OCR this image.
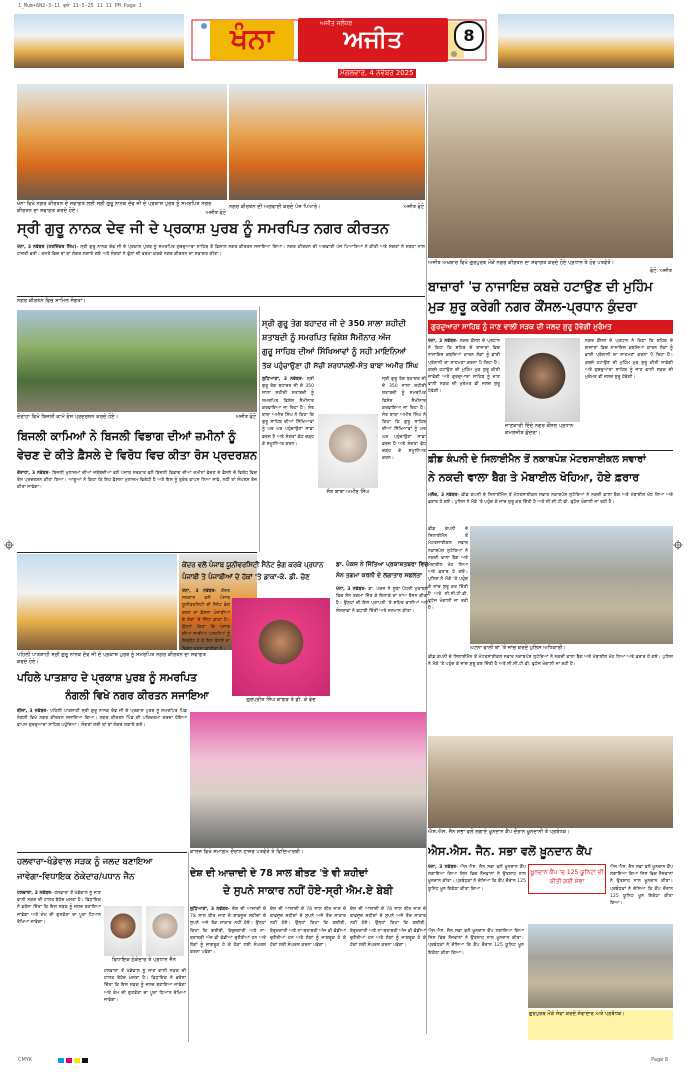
1_Mum+6N2-3-11 ਵਜੇ 11-5-25 11 11 PM Page 1
ਖੰਨਾ	ਅਜੀਤ ਜਲੰਧਰ
ਅਜੀਤ
ਮੰਗਲਵਾਰ, 4 ਨਵੰਬਰ 2025
8
ਖੰਨਾ ਵਿਖੇ ਨਗਰ ਕੀਰਤਨ ਦੇ ਸਵਾਗਤ ਲਈ ਸ੍ਰੀ ਗੁਰੂ ਨਾਨਕ ਦੇਵ ਜੀ ਦੇ ਪ੍ਰਕਾਸ਼ ਪੁਰਬ ਨੂੰ ਸਮਰਪਿਤ ਨਗਰ ਕੀਰਤਨ ਦਾ ਸਵਾਗਤ ਕਰਦੇ ਹੋਏ।	ਅਜੀਤ ਫੋਟੋ
ਨਗਰ ਕੀਰਤਨ ਦੀ ਅਗਵਾਈ ਕਰਦੇ ਪੰਜ ਪਿਆਰੇ।	ਅਜੀਤ ਫੋਟੋ
ਸ੍ਰੀ ਗੁਰੂ ਨਾਨਕ ਦੇਵ ਜੀ ਦੇ ਪ੍ਰਕਾਸ਼ ਪੁਰਬ ਨੂੰ ਸਮਰਪਿਤ ਨਗਰ ਕੀਰਤਨ
ਖੰਨਾ, 3 ਨਵੰਬਰ (ਹਰਜਿੰਦਰ ਸਿੰਘ)- ਸ੍ਰੀ ਗੁਰੂ ਨਾਨਕ ਦੇਵ ਜੀ ਦੇ ਪ੍ਰਕਾਸ਼ ਪੁਰਬ ਨੂੰ ਸਮਰਪਿਤ ਗੁਰਦੁਆਰਾ ਸਾਹਿਬ ਤੋਂ ਵਿਸ਼ਾਲ ਨਗਰ ਕੀਰਤਨ ਸਜਾਇਆ ਗਿਆ। ਨਗਰ ਕੀਰਤਨ ਦੀ ਅਗਵਾਈ ਪੰਜ ਪਿਆਰਿਆਂ ਨੇ ਕੀਤੀ ਅਤੇ ਸੰਗਤਾਂ ਨੇ ਸ਼ਰਧਾ ਨਾਲ ਹਾਜ਼ਰੀ ਭਰੀ। ਰਸਤੇ ਵਿਚ ਥਾਂ ਥਾਂ ਲੰਗਰ ਲਗਾਏ ਗਏ ਅਤੇ ਸੰਗਤਾਂ ਨੇ ਫੁੱਲਾਂ ਦੀ ਵਰਖਾ ਕਰਕੇ ਨਗਰ ਕੀਰਤਨ ਦਾ ਸਵਾਗਤ ਕੀਤਾ।
ਨਗਰ ਕੀਰਤਨ ਵਿਚ ਸ਼ਾਮਿਲ ਸੰਗਤਾਂ।
ਅਜੀਤ ਅਖ਼ਬਾਰ ਵਿਖੇ ਗੁਰਪੁਰਬ ਮੌਕੇ ਨਗਰ ਕੀਰਤਨ ਦਾ ਸਵਾਗਤ ਕਰਦੇ ਹੋਏ ਪ੍ਰਧਾਨ ਤੇ ਹੋਰ ਪਤਵੰਤੇ।
ਫੋਟੋ: ਅਜੀਤ
ਬਾਜ਼ਾਰਾਂ 'ਚ ਨਾਜਾਇਜ਼ ਕਬਜ਼ੇ ਹਟਾਉਣ ਦੀ ਮੁਹਿੰਮ
ਮੁੜ ਸ਼ੁਰੂ ਕਰੇਗੀ ਨਗਰ ਕੌਂਸਲ-ਪ੍ਰਧਾਨ ਕੁੰਦਰਾ
ਗੁਰਦੁਆਰਾ ਸਾਹਿਬ ਨੂੰ ਜਾਣ ਵਾਲੀ ਸੜਕ ਦੀ ਜਲਦ ਸ਼ੁਰੂ ਹੋਵੇਗੀ ਮੁਰੰਮਤ
ਖੰਨਾ, 3 ਨਵੰਬਰ- ਨਗਰ ਕੌਂਸਲ ਦੇ ਪ੍ਰਧਾਨ ਨੇ ਕਿਹਾ ਕਿ ਸ਼ਹਿਰ ਦੇ ਬਾਜ਼ਾਰਾਂ ਵਿਚ ਨਾਜਾਇਜ਼ ਕਬਜ਼ਿਆਂ ਕਾਰਨ ਲੋਕਾਂ ਨੂੰ ਭਾਰੀ ਪ੍ਰੇਸ਼ਾਨੀ ਦਾ ਸਾਹਮਣਾ ਕਰਨਾ ਪੈ ਰਿਹਾ ਹੈ। ਕਬਜ਼ੇ ਹਟਾਉਣ ਦੀ ਮੁਹਿੰਮ ਮੁੜ ਸ਼ੁਰੂ ਕੀਤੀ ਜਾਵੇਗੀ ਅਤੇ ਗੁਰਦੁਆਰਾ ਸਾਹਿਬ ਨੂੰ ਜਾਣ ਵਾਲੀ ਸੜਕ ਦੀ ਮੁਰੰਮਤ ਵੀ ਜਲਦ ਸ਼ੁਰੂ ਹੋਵੇਗੀ।
ਜਾਣਕਾਰੀ ਦਿੰਦੇ ਨਗਰ ਕੌਂਸਲ ਪ੍ਰਧਾਨ ਕਮਲਜੀਤ ਕੁੰਦਰਾ।
ਨਗਰ ਕੌਂਸਲ ਦੇ ਪ੍ਰਧਾਨ ਨੇ ਕਿਹਾ ਕਿ ਸ਼ਹਿਰ ਦੇ ਬਾਜ਼ਾਰਾਂ ਵਿਚ ਨਾਜਾਇਜ਼ ਕਬਜ਼ਿਆਂ ਕਾਰਨ ਲੋਕਾਂ ਨੂੰ ਭਾਰੀ ਪ੍ਰੇਸ਼ਾਨੀ ਦਾ ਸਾਹਮਣਾ ਕਰਨਾ ਪੈ ਰਿਹਾ ਹੈ। ਕਬਜ਼ੇ ਹਟਾਉਣ ਦੀ ਮੁਹਿੰਮ ਮੁੜ ਸ਼ੁਰੂ ਕੀਤੀ ਜਾਵੇਗੀ ਅਤੇ ਗੁਰਦੁਆਰਾ ਸਾਹਿਬ ਨੂੰ ਜਾਣ ਵਾਲੀ ਸੜਕ ਦੀ ਮੁਰੰਮਤ ਵੀ ਜਲਦ ਸ਼ੁਰੂ ਹੋਵੇਗੀ।
ਦੋਰਾਹਾ ਵਿਖੇ ਬਿਜਲੀ ਕਾਮੇ ਰੋਸ ਪ੍ਰਦਰਸ਼ਨ ਕਰਦੇ ਹੋਏ।	ਅਜੀਤ ਫੋਟੋ
ਬਿਜਲੀ ਕਾਮਿਆਂ ਨੇ ਬਿਜਲੀ ਵਿਭਾਗ ਦੀਆਂ ਜ਼ਮੀਨਾਂ ਨੂੰ
ਵੇਚਣ ਦੇ ਕੀਤੇ ਫ਼ੈਸਲੇ ਦੇ ਵਿਰੋਧ ਵਿਚ ਕੀਤਾ ਰੋਸ ਪ੍ਰਦਰਸ਼ਨ
ਦੋਰਾਹਾ, 3 ਨਵੰਬਰ- ਬਿਜਲੀ ਮੁਲਾਜ਼ਮਾਂ ਦੀਆਂ ਜਥੇਬੰਦੀਆਂ ਵਲੋਂ ਪੰਜਾਬ ਸਰਕਾਰ ਵਲੋਂ ਬਿਜਲੀ ਵਿਭਾਗ ਦੀਆਂ ਜ਼ਮੀਨਾਂ ਵੇਚਣ ਦੇ ਫ਼ੈਸਲੇ ਦੇ ਵਿਰੋਧ ਵਿਚ ਰੋਸ ਪ੍ਰਦਰਸ਼ਨ ਕੀਤਾ ਗਿਆ। ਆਗੂਆਂ ਨੇ ਕਿਹਾ ਕਿ ਇਹ ਫ਼ੈਸਲਾ ਮੁਲਾਜ਼ਮ ਵਿਰੋਧੀ ਹੈ ਅਤੇ ਇਸ ਨੂੰ ਤੁਰੰਤ ਵਾਪਸ ਲਿਆ ਜਾਵੇ, ਨਹੀਂ ਤਾਂ ਸੰਘਰਸ਼ ਤੇਜ਼ ਕੀਤਾ ਜਾਵੇਗਾ।
ਸ੍ਰੀ ਗੁਰੂ ਤੇਗ ਬਹਾਦਰ ਜੀ ਦੇ 350 ਸਾਲਾ ਸ਼ਹੀਦੀ
ਸ਼ਤਾਬਦੀ ਨੂੰ ਸਮਰਪਿਤ ਵਿਸ਼ੇਸ਼ ਸੈਮੀਨਾਰ ਅੱਜ
ਗੁਰੂ ਸਾਹਿਬ ਦੀਆਂ ਸਿੱਖਿਆਵਾਂ ਨੂੰ ਸਹੀ ਮਾਇਨਿਆਂ
ਤੱਕ ਪਹੁੰਚਾਉਣਾ ਹੀ ਸੱਚੀ ਸ਼ਰਧਾਂਜਲੀ-ਸੰਤ ਬਾਬਾ ਅਮੀਰ ਸਿੰਘ
ਸੰਤ ਬਾਬਾ ਅਮੀਰ ਸਿੰਘ
ਲੁਧਿਆਣਾ, 3 ਨਵੰਬਰ- ਸ੍ਰੀ ਗੁਰੂ ਤੇਗ ਬਹਾਦਰ ਜੀ ਦੇ 350 ਸਾਲਾ ਸ਼ਹੀਦੀ ਸ਼ਤਾਬਦੀ ਨੂੰ ਸਮਰਪਿਤ ਵਿਸ਼ੇਸ਼ ਸੈਮੀਨਾਰ ਕਰਵਾਇਆ ਜਾ ਰਿਹਾ ਹੈ। ਸੰਤ ਬਾਬਾ ਅਮੀਰ ਸਿੰਘ ਨੇ ਕਿਹਾ ਕਿ ਗੁਰੂ ਸਾਹਿਬ ਦੀਆਂ ਸਿੱਖਿਆਵਾਂ ਨੂੰ ਘਰ ਘਰ ਪਹੁੰਚਾਉਣਾ ਸਾਡਾ ਫ਼ਰਜ਼ ਹੈ ਅਤੇ ਸੰਗਤਾਂ ਵੱਧ ਚੜ੍ਹ ਕੇ ਸ਼ਮੂਲੀਅਤ ਕਰਨ।
ਸ੍ਰੀ ਗੁਰੂ ਤੇਗ ਬਹਾਦਰ ਜੀ ਦੇ 350 ਸਾਲਾ ਸ਼ਹੀਦੀ ਸ਼ਤਾਬਦੀ ਨੂੰ ਸਮਰਪਿਤ ਵਿਸ਼ੇਸ਼ ਸੈਮੀਨਾਰ ਕਰਵਾਇਆ ਜਾ ਰਿਹਾ ਹੈ। ਸੰਤ ਬਾਬਾ ਅਮੀਰ ਸਿੰਘ ਨੇ ਕਿਹਾ ਕਿ ਗੁਰੂ ਸਾਹਿਬ ਦੀਆਂ ਸਿੱਖਿਆਵਾਂ ਨੂੰ ਘਰ ਘਰ ਪਹੁੰਚਾਉਣਾ ਸਾਡਾ ਫ਼ਰਜ਼ ਹੈ ਅਤੇ ਸੰਗਤਾਂ ਵੱਧ ਚੜ੍ਹ ਕੇ ਸ਼ਮੂਲੀਅਤ ਕਰਨ।	ਫ਼ੀਡ ਕੰਪਨੀ ਦੇ ਸਿਲਾਈਮੈਨ ਤੋਂ ਨਕਾਬਪੋਸ਼ ਮੋਟਰਸਾਈਕਲ ਸਵਾਰਾਂ
ਨੇ ਨਕਦੀ ਵਾਲਾ ਬੈਗ ਤੇ ਮੋਬਾਈਲ ਖੋਹਿਆ, ਹੋਏ ਫ਼ਰਾਰ
ਮਲੌਦ, 3 ਨਵੰਬਰ- ਫ਼ੀਡ ਕੰਪਨੀ ਦੇ ਸਿਲਾਈਮੈਨ ਤੋਂ ਮੋਟਰਸਾਈਕਲ ਸਵਾਰ ਨਕਾਬਪੋਸ਼ ਲੁਟੇਰਿਆਂ ਨੇ ਨਕਦੀ ਵਾਲਾ ਬੈਗ ਅਤੇ ਮੋਬਾਈਲ ਖੋਹ ਲਿਆ ਅਤੇ ਫ਼ਰਾਰ ਹੋ ਗਏ। ਪੁਲਿਸ ਨੇ ਮੌਕੇ 'ਤੇ ਪਹੁੰਚ ਕੇ ਜਾਂਚ ਸ਼ੁਰੂ ਕਰ ਦਿੱਤੀ ਹੈ ਅਤੇ ਸੀ.ਸੀ.ਟੀ.ਵੀ. ਫੁਟੇਜ ਖੰਗਾਲੀ ਜਾ ਰਹੀ ਹੈ।
ਫ਼ੀਡ ਕੰਪਨੀ ਦੇ ਸਿਲਾਈਮੈਨ ਤੋਂ ਮੋਟਰਸਾਈਕਲ ਸਵਾਰ ਨਕਾਬਪੋਸ਼ ਲੁਟੇਰਿਆਂ ਨੇ ਨਕਦੀ ਵਾਲਾ ਬੈਗ ਅਤੇ ਮੋਬਾਈਲ ਖੋਹ ਲਿਆ ਅਤੇ ਫ਼ਰਾਰ ਹੋ ਗਏ। ਪੁਲਿਸ ਨੇ ਮੌਕੇ 'ਤੇ ਪਹੁੰਚ ਕੇ ਜਾਂਚ ਸ਼ੁਰੂ ਕਰ ਦਿੱਤੀ ਹੈ ਅਤੇ ਸੀ.ਸੀ.ਟੀ.ਵੀ. ਫੁਟੇਜ ਖੰਗਾਲੀ ਜਾ ਰਹੀ ਹੈ।
ਘਟਨਾ ਵਾਲੀ ਥਾਂ 'ਤੇ ਜਾਂਚ ਕਰਦੇ ਪੁਲਿਸ ਅਧਿਕਾਰੀ।
ਫ਼ੀਡ ਕੰਪਨੀ ਦੇ ਸਿਲਾਈਮੈਨ ਤੋਂ ਮੋਟਰਸਾਈਕਲ ਸਵਾਰ ਨਕਾਬਪੋਸ਼ ਲੁਟੇਰਿਆਂ ਨੇ ਨਕਦੀ ਵਾਲਾ ਬੈਗ ਅਤੇ ਮੋਬਾਈਲ ਖੋਹ ਲਿਆ ਅਤੇ ਫ਼ਰਾਰ ਹੋ ਗਏ। ਪੁਲਿਸ ਨੇ ਮੌਕੇ 'ਤੇ ਪਹੁੰਚ ਕੇ ਜਾਂਚ ਸ਼ੁਰੂ ਕਰ ਦਿੱਤੀ ਹੈ ਅਤੇ ਸੀ.ਸੀ.ਟੀ.ਵੀ. ਫੁਟੇਜ ਖੰਗਾਲੀ ਜਾ ਰਹੀ ਹੈ।
ਪਹਿਲੀ ਪਾਤਸ਼ਾਹੀ ਸ੍ਰੀ ਗੁਰੂ ਨਾਨਕ ਦੇਵ ਜੀ ਦੇ ਪ੍ਰਕਾਸ਼ ਪੁਰਬ ਨੂੰ ਸਮਰਪਿਤ ਨਗਰ ਕੀਰਤਨ ਦਾ ਸਵਾਗਤ ਕਰਦੇ ਹੋਏ।
ਪਹਿਲੇ ਪਾਤਸ਼ਾਹ ਦੇ ਪ੍ਰਕਾਸ਼ ਪੁਰਬ ਨੂੰ ਸਮਰਪਿਤ
ਨੰਗਲੀ ਵਿਖੇ ਨਗਰ ਕੀਰਤਨ ਸਜਾਇਆ
ਬੀਜਾ, 3 ਨਵੰਬਰ- ਪਹਿਲੀ ਪਾਤਸ਼ਾਹੀ ਸ੍ਰੀ ਗੁਰੂ ਨਾਨਕ ਦੇਵ ਜੀ ਦੇ ਪ੍ਰਕਾਸ਼ ਪੁਰਬ ਨੂੰ ਸਮਰਪਿਤ ਪਿੰਡ ਨੰਗਲੀ ਵਿਖੇ ਨਗਰ ਕੀਰਤਨ ਸਜਾਇਆ ਗਿਆ। ਨਗਰ ਕੀਰਤਨ ਪਿੰਡ ਦੀ ਪਰਿਕਰਮਾ ਕਰਦਾ ਹੋਇਆ ਵਾਪਸ ਗੁਰਦੁਆਰਾ ਸਾਹਿਬ ਪਹੁੰਚਿਆ। ਸੰਗਤਾਂ ਲਈ ਥਾਂ ਥਾਂ ਲੰਗਰ ਲਗਾਏ ਗਏ।
ਕੇਂਦਰ ਵਲੋਂ ਪੰਜਾਬ ਯੂਨੀਵਰਸਿਟੀ ਸੈਨੇਟ ਭੰਗ ਕਰਕੇ ਪ੍ਰਧਾਨ
ਪੰਜਾਬੀ ਤੇ ਪੰਜਾਬੀਆਂ ਦੇ ਹੱਕਾਂ 'ਤੇ ਡਾਕਾ-ਕੇ. ਡੀ. ਚੋਣ
ਖੰਨਾ, 3 ਨਵੰਬਰ- ਕੇਂਦਰ ਸਰਕਾਰ ਵਲੋਂ ਪੰਜਾਬ ਯੂਨੀਵਰਸਿਟੀ ਦੀ ਸੈਨੇਟ ਭੰਗ ਕਰਨ ਦਾ ਫ਼ੈਸਲਾ ਪੰਜਾਬੀਆਂ ਦੇ ਹੱਕਾਂ 'ਤੇ ਸਿੱਧਾ ਡਾਕਾ ਹੈ। ਉਨ੍ਹਾਂ ਕਿਹਾ ਕਿ ਪੰਜਾਬ ਦੀਆਂ ਸਾਰੀਆਂ ਪਾਰਟੀਆਂ ਨੂੰ ਇਕਜੁੱਟ ਹੋ ਕੇ ਇਸ ਫ਼ੈਸਲੇ ਦਾ ਵਿਰੋਧ ਕਰਨਾ ਚਾਹੀਦਾ ਹੈ।
ਗੁਰਪ੍ਰੀਤ ਸਿੰਘ ਕਾਂਗੜ ਤੇ ਡੀ. ਕੇ ਵੇਦ
ਡਾ. ਪੰਕਜ ਨੇ ਜਿੱਤਿਆ ਪ੍ਰਕਾਸ਼ਤਬਰਾ ਵਿਚ
ਸੋਨ ਤਗਮਾ ਕਰਨੀ ਦੇ ਲਗਾਤਾਰ ਸਫਲਤਾ
ਖੰਨਾ, 3 ਨਵੰਬਰ- ਡਾ. ਪੰਕਜ ਨੇ ਸੂਬਾ ਪੱਧਰੀ ਮੁਕਾਬਲੇ ਵਿਚ ਸੋਨ ਤਗਮਾ ਜਿੱਤ ਕੇ ਇਲਾਕੇ ਦਾ ਨਾਂਅ ਰੌਸ਼ਨ ਕੀਤਾ ਹੈ। ਉਨ੍ਹਾਂ ਦੀ ਇਸ ਪ੍ਰਾਪਤੀ 'ਤੇ ਸ਼ਹਿਰ ਵਾਸੀਆਂ ਅਤੇ ਸੰਸਥਾਵਾਂ ਨੇ ਵਧਾਈ ਦਿੱਤੀ ਅਤੇ ਸਨਮਾਨ ਕੀਤਾ।
ਕਾਲਜ ਵਿਖੇ ਸਮਾਗਮ ਦੌਰਾਨ ਹਾਜ਼ਰ ਪਤਵੰਤੇ ਤੇ ਵਿਦਿਆਰਥੀ।
ਐਸ.ਐਸ. ਜੈਨ ਸਭਾ ਵਲੋਂ ਲਗਾਏ ਖ਼ੂਨਦਾਨ ਕੈਂਪ ਦੌਰਾਨ ਖ਼ੂਨਦਾਨੀ ਤੇ ਪ੍ਰਬੰਧਕ।
ਐਸ.ਐਸ. ਜੈਨ. ਸਭਾ ਵਲੋਂ ਖ਼ੂਨਦਾਨ ਕੈਂਪ
ਖੰਨਾ, 3 ਨਵੰਬਰ- ਐਸ.ਐਸ. ਜੈਨ ਸਭਾ ਵਲੋਂ ਖ਼ੂਨਦਾਨ ਕੈਂਪ ਲਗਾਇਆ ਗਿਆ ਜਿਸ ਵਿਚ ਨੌਜਵਾਨਾਂ ਨੇ ਉਤਸ਼ਾਹ ਨਾਲ ਖ਼ੂਨਦਾਨ ਕੀਤਾ। ਪ੍ਰਬੰਧਕਾਂ ਨੇ ਦੱਸਿਆ ਕਿ ਕੈਂਪ ਦੌਰਾਨ 125 ਯੂਨਿਟ ਖ਼ੂਨ ਇਕੱਠਾ ਕੀਤਾ ਗਿਆ।
ਖ਼ੂਨਦਾਨ ਕੈਂਪ 'ਚ 125 ਯੂਨਿਟਾਂ ਦੀ ਕੀਤੀ ਗਈ ਸੇਵਾ
ਐਸ.ਐਸ. ਜੈਨ ਸਭਾ ਵਲੋਂ ਖ਼ੂਨਦਾਨ ਕੈਂਪ ਲਗਾਇਆ ਗਿਆ ਜਿਸ ਵਿਚ ਨੌਜਵਾਨਾਂ ਨੇ ਉਤਸ਼ਾਹ ਨਾਲ ਖ਼ੂਨਦਾਨ ਕੀਤਾ। ਪ੍ਰਬੰਧਕਾਂ ਨੇ ਦੱਸਿਆ ਕਿ ਕੈਂਪ ਦੌਰਾਨ 125 ਯੂਨਿਟ ਖ਼ੂਨ ਇਕੱਠਾ ਕੀਤਾ ਗਿਆ।
ਗੁਰਪੁਰਬ ਮੌਕੇ ਸੇਵਾ ਕਰਦੇ ਸੇਵਾਦਾਰ ਅਤੇ ਪ੍ਰਬੰਧਕ।
ਐਸ.ਐਸ. ਜੈਨ ਸਭਾ ਵਲੋਂ ਖ਼ੂਨਦਾਨ ਕੈਂਪ ਲਗਾਇਆ ਗਿਆ ਜਿਸ ਵਿਚ ਨੌਜਵਾਨਾਂ ਨੇ ਉਤਸ਼ਾਹ ਨਾਲ ਖ਼ੂਨਦਾਨ ਕੀਤਾ। ਪ੍ਰਬੰਧਕਾਂ ਨੇ ਦੱਸਿਆ ਕਿ ਕੈਂਪ ਦੌਰਾਨ 125 ਯੂਨਿਟ ਖ਼ੂਨ ਇਕੱਠਾ ਕੀਤਾ ਗਿਆ।
ਹਲਵਾਰਾ-ਖੰਡੇਵਾਲ ਸੜਕ ਨੂੰ ਜਲਦ ਬਣਾਇਆ
ਜਾਵੇਗਾ-ਵਿਧਾਇਕ ਠੇਕੇਦਾਰ/ਪਧਾਨ ਜੈਨ
ਹਲਵਾਰਾ, 3 ਨਵੰਬਰ- ਹਲਵਾਰਾ ਤੋਂ ਖੰਡੇਵਾਲ ਨੂੰ ਜਾਣ ਵਾਲੀ ਸੜਕ ਦੀ ਹਾਲਤ ਬੇਹੱਦ ਖ਼ਸਤਾ ਹੈ। ਵਿਧਾਇਕ ਨੇ ਭਰੋਸਾ ਦਿੱਤਾ ਕਿ ਇਸ ਸੜਕ ਨੂੰ ਜਲਦ ਬਣਾਇਆ ਜਾਵੇਗਾ ਅਤੇ ਕੰਮ ਦੀ ਗੁਣਵੱਤਾ ਦਾ ਪੂਰਾ ਧਿਆਨ ਰੱਖਿਆ ਜਾਵੇਗਾ।
ਵਿਧਾਇਕ ਠੇਕੇਦਾਰ ਤੇ ਪ੍ਰਧਾਨ ਜੈਨ
ਹਲਵਾਰਾ ਤੋਂ ਖੰਡੇਵਾਲ ਨੂੰ ਜਾਣ ਵਾਲੀ ਸੜਕ ਦੀ ਹਾਲਤ ਬੇਹੱਦ ਖ਼ਸਤਾ ਹੈ। ਵਿਧਾਇਕ ਨੇ ਭਰੋਸਾ ਦਿੱਤਾ ਕਿ ਇਸ ਸੜਕ ਨੂੰ ਜਲਦ ਬਣਾਇਆ ਜਾਵੇਗਾ ਅਤੇ ਕੰਮ ਦੀ ਗੁਣਵੱਤਾ ਦਾ ਪੂਰਾ ਧਿਆਨ ਰੱਖਿਆ ਜਾਵੇਗਾ।
ਦੇਸ਼ ਦੀ ਆਜ਼ਾਦੀ ਦੇ 78 ਸਾਲ ਬੀਤਣ 'ਤੇ ਵੀ ਸ਼ਹੀਦਾਂ
ਦੇ ਸੁਪਨੇ ਸਾਕਾਰ ਨਹੀਂ ਹੋਏ-ਸ੍ਰੀ ਐਮ.ਏ ਬੇਬੀ
ਲੁਧਿਆਣਾ, 3 ਨਵੰਬਰ- ਦੇਸ਼ ਦੀ ਆਜ਼ਾਦੀ ਦੇ 78 ਸਾਲ ਬੀਤ ਜਾਣ ਦੇ ਬਾਵਜੂਦ ਸ਼ਹੀਦਾਂ ਦੇ ਸੁਪਨੇ ਅਜੇ ਤੱਕ ਸਾਕਾਰ ਨਹੀਂ ਹੋਏ। ਉਨ੍ਹਾਂ ਕਿਹਾ ਕਿ ਗ਼ਰੀਬੀ, ਬੇਰੁਜ਼ਗਾਰੀ ਅਤੇ ਨਾ-ਬਰਾਬਰੀ ਅੱਜ ਵੀ ਵੱਡੀਆਂ ਚੁਣੌਤੀਆਂ ਹਨ ਅਤੇ ਲੋਕਾਂ ਨੂੰ ਜਾਗਰੂਕ ਹੋ ਕੇ ਹੱਕਾਂ ਲਈ ਸੰਘਰਸ਼ ਕਰਨਾ ਪਵੇਗਾ।
ਦੇਸ਼ ਦੀ ਆਜ਼ਾਦੀ ਦੇ 78 ਸਾਲ ਬੀਤ ਜਾਣ ਦੇ ਬਾਵਜੂਦ ਸ਼ਹੀਦਾਂ ਦੇ ਸੁਪਨੇ ਅਜੇ ਤੱਕ ਸਾਕਾਰ ਨਹੀਂ ਹੋਏ। ਉਨ੍ਹਾਂ ਕਿਹਾ ਕਿ ਗ਼ਰੀਬੀ, ਬੇਰੁਜ਼ਗਾਰੀ ਅਤੇ ਨਾ-ਬਰਾਬਰੀ ਅੱਜ ਵੀ ਵੱਡੀਆਂ ਚੁਣੌਤੀਆਂ ਹਨ ਅਤੇ ਲੋਕਾਂ ਨੂੰ ਜਾਗਰੂਕ ਹੋ ਕੇ ਹੱਕਾਂ ਲਈ ਸੰਘਰਸ਼ ਕਰਨਾ ਪਵੇਗਾ।
ਦੇਸ਼ ਦੀ ਆਜ਼ਾਦੀ ਦੇ 78 ਸਾਲ ਬੀਤ ਜਾਣ ਦੇ ਬਾਵਜੂਦ ਸ਼ਹੀਦਾਂ ਦੇ ਸੁਪਨੇ ਅਜੇ ਤੱਕ ਸਾਕਾਰ ਨਹੀਂ ਹੋਏ। ਉਨ੍ਹਾਂ ਕਿਹਾ ਕਿ ਗ਼ਰੀਬੀ, ਬੇਰੁਜ਼ਗਾਰੀ ਅਤੇ ਨਾ-ਬਰਾਬਰੀ ਅੱਜ ਵੀ ਵੱਡੀਆਂ ਚੁਣੌਤੀਆਂ ਹਨ ਅਤੇ ਲੋਕਾਂ ਨੂੰ ਜਾਗਰੂਕ ਹੋ ਕੇ ਹੱਕਾਂ ਲਈ ਸੰਘਰਸ਼ ਕਰਨਾ ਪਵੇਗਾ।
CMYK	Page 8
